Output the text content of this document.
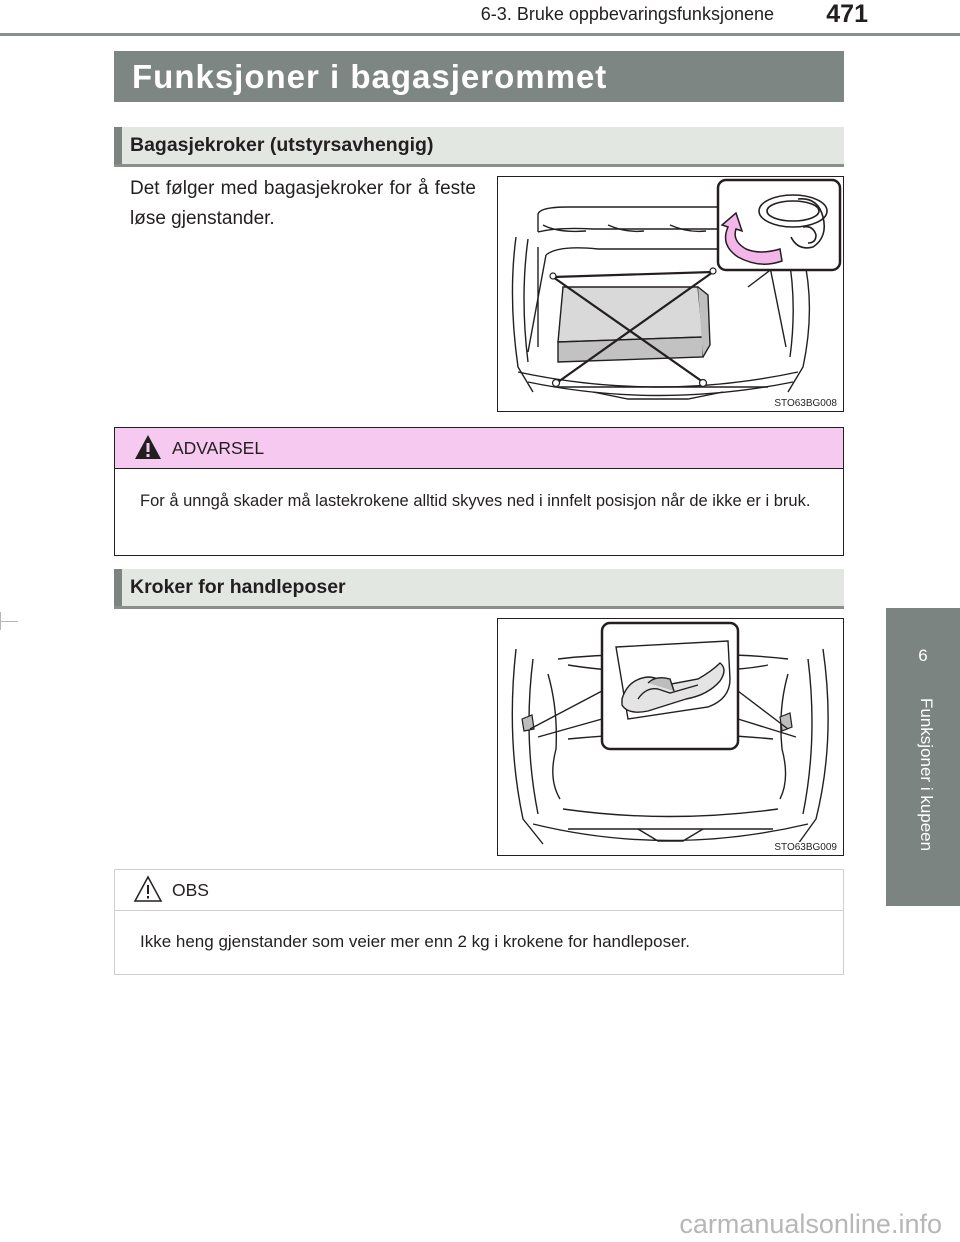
6-3. Bruke oppbevaringsfunksjonene 471
6
Funksjoner i kupeen
Funksjoner i bagasjerommet
Bagasjekroker (utstyrsavhengig)
Det følger med bagasjekroker for å feste løse gjenstander.
STO63BG008
ADVARSEL
For å unngå skader må lastekrokene alltid skyves ned i innfelt posisjon når de ikke er i bruk.
Kroker for handleposer
STO63BG009
OBS
Ikke heng gjenstander som veier mer enn 2 kg i krokene for handleposer.
carmanualsonline.info
